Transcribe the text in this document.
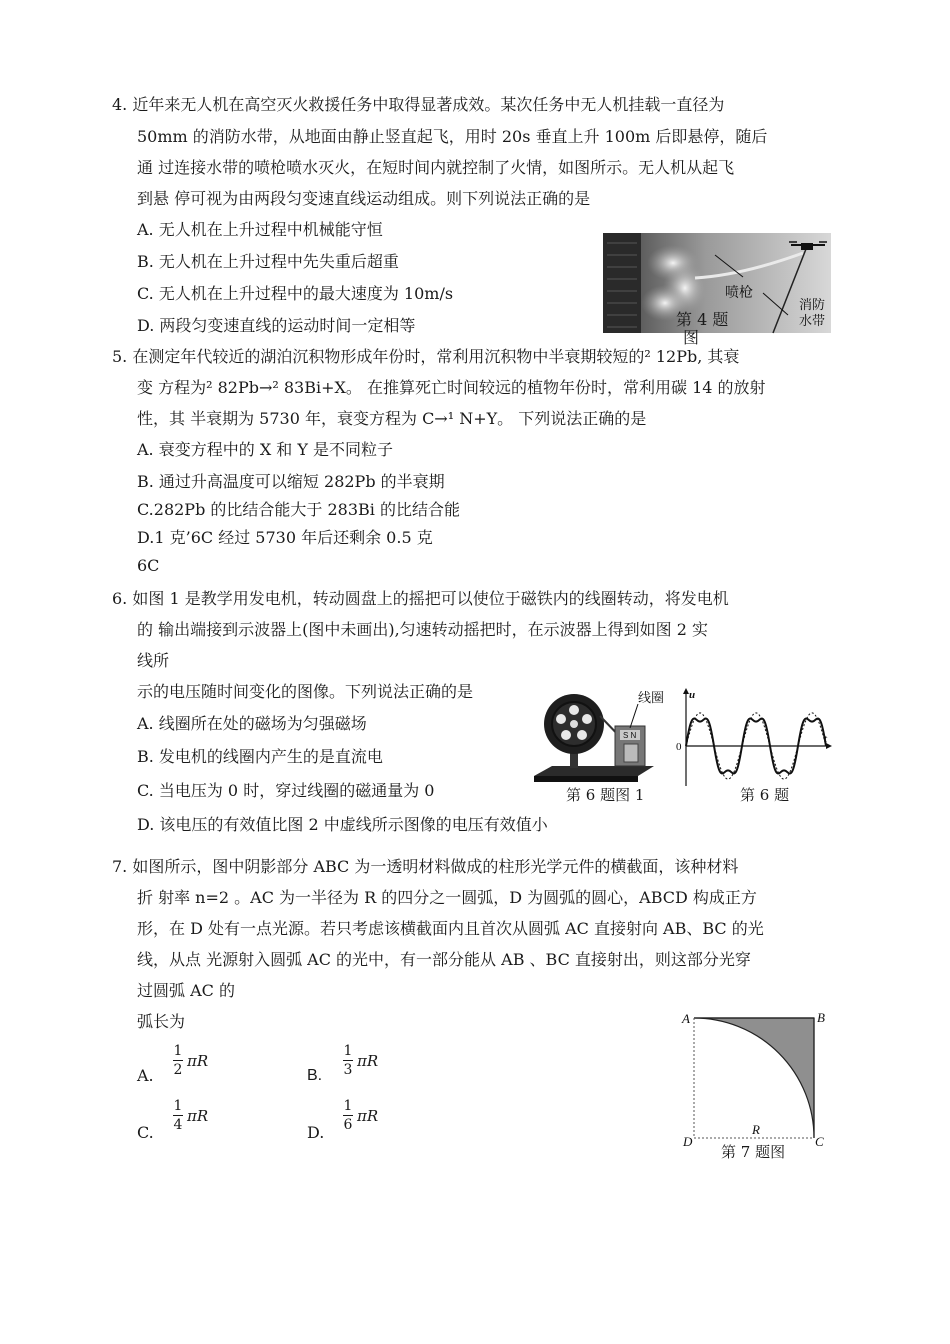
4. 近年来无人机在高空灭火救援任务中取得显著成效。某次任务中无人机挂载一直径为
50mm 的消防水带，从地面由静止竖直起飞，用时 20s 垂直上升 100m 后即悬停，随后
通 过连接水带的喷枪喷水灭火，在短时间内就控制了火情，如图所示。无人机从起飞
到悬 停可视为由两段匀变速直线运动组成。则下列说法正确的是
A. 无人机在上升过程中机械能守恒
B. 无人机在上升过程中先失重后超重
C. 无人机在上升过程中的最大速度为 10m/s
D. 两段匀变速直线的运动时间一定相等
喷枪
消防
水带
第 4 题
图
5. 在测定年代较近的湖泊沉积物形成年份时，常利用沉积物中半衰期较短的² 12Pb, 其衰
变 方程为² 82Pb→² 83Bi+X。 在推算死亡时间较远的植物年份时，常利用碳 14 的放射
性，其 半衰期为 5730 年，衰变方程为 C→¹ N+Y。 下列说法正确的是
A. 衰变方程中的 X 和 Y 是不同粒子
B. 通过升高温度可以缩短 282Pb 的半衰期
C.282Pb 的比结合能大于 283Bi 的比结合能
D.1 克’6C 经过 5730 年后还剩余 0.5 克
6C
6. 如图 1 是教学用发电机，转动圆盘上的摇把可以使位于磁铁内的线圈转动，将发电机
的 输出端接到示波器上(图中未画出),匀速转动摇把时，在示波器上得到如图 2 实
线所
示的电压随时间变化的图像。下列说法正确的是
A. 线圈所在处的磁场为匀强磁场
B. 发电机的线圈内产生的是直流电
C. 当电压为 0 时，穿过线圈的磁通量为 0
D. 该电压的有效值比图 2 中虚线所示图像的电压有效值小
S N
线圈 u
0
t
第 6 题图 1	第 6 题
7. 如图所示，图中阴影部分 ABC 为一透明材料做成的柱形光学元件的横截面，该种材料
折 射率 n=2 。AC 为一半径为 R 的四分之一圆弧，D 为圆弧的圆心，ABCD 构成正方
形，在 D 处有一点光源。若只考虑该横截面内且首次从圆弧 AC 直接射向 AB、BC 的光
线，从点 光源射入圆弧 AC 的光中，有一部分能从 AB 、BC 直接射出，则这部分光穿
过圆弧 AC 的
弧长为
A.
1
2 πR
B.
1
3 πR
C.
1
4 πR
D.
1
6 πR
A	B
C
D
R
第 7 题图
